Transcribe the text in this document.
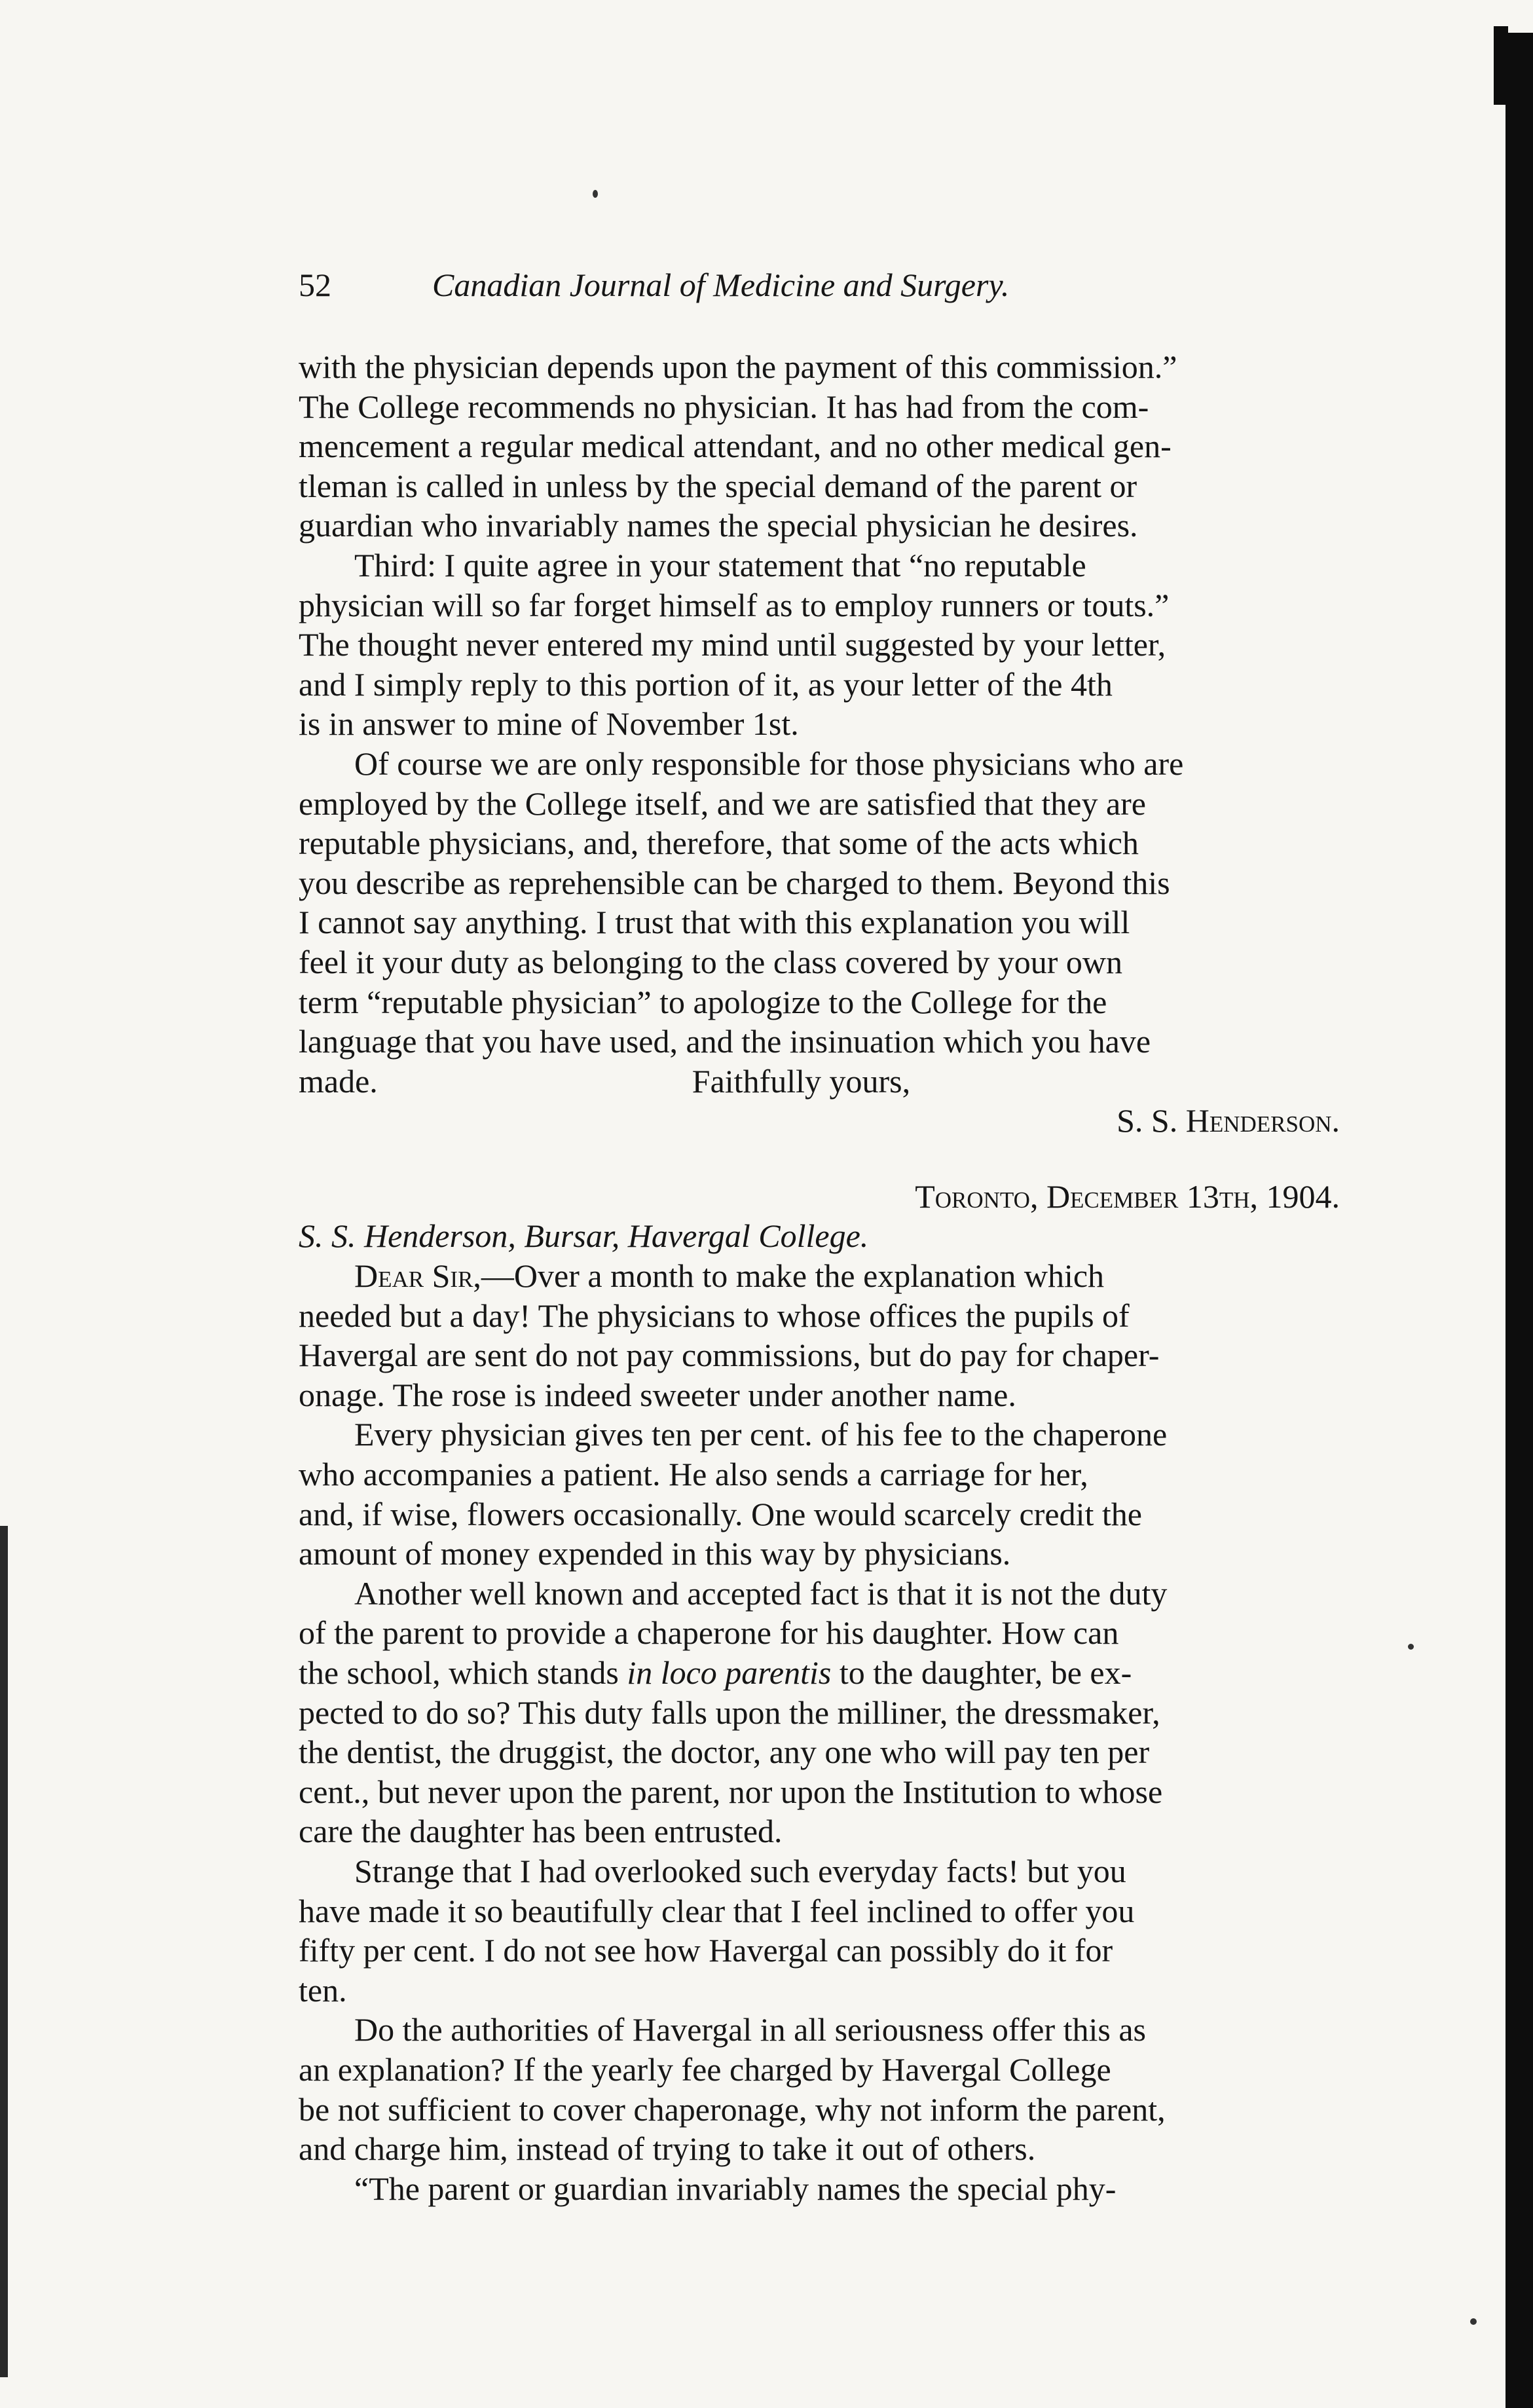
52	Canadian Journal of Medicine and Surgery.
with the physician depends upon the payment of this commission.”
The College recommends no physician. It has had from the com-
mencement a regular medical attendant, and no other medical gen-
tleman is called in unless by the special demand of the parent or
guardian who invariably names the special physician he desires.
Third: I quite agree in your statement that “no reputable
physician will so far forget himself as to employ runners or touts.”
The thought never entered my mind until suggested by your letter,
and I simply reply to this portion of it, as your letter of the 4th
is in answer to mine of November 1st.
Of course we are only responsible for those physicians who are
employed by the College itself, and we are satisfied that they are
reputable physicians, and, therefore, that some of the acts which
you describe as reprehensible can be charged to them. Beyond this
I cannot say anything. I trust that with this explanation you will
feel it your duty as belonging to the class covered by your own
term “reputable physician” to apologize to the College for the
language that you have used, and the insinuation which you have
made.	Faithfully yours,
S. S. Henderson.
Toronto, December 13th, 1904.
S. S. Henderson, Bursar, Havergal College.
Dear Sir,—Over a month to make the explanation which
needed but a day! The physicians to whose offices the pupils of
Havergal are sent do not pay commissions, but do pay for chaper-
onage. The rose is indeed sweeter under another name.
Every physician gives ten per cent. of his fee to the chaperone
who accompanies a patient. He also sends a carriage for her,
and, if wise, flowers occasionally. One would scarcely credit the
amount of money expended in this way by physicians.
Another well known and accepted fact is that it is not the duty
of the parent to provide a chaperone for his daughter. How can
the school, which stands in loco parentis to the daughter, be ex-
pected to do so? This duty falls upon the milliner, the dressmaker,
the dentist, the druggist, the doctor, any one who will pay ten per
cent., but never upon the parent, nor upon the Institution to whose
care the daughter has been entrusted.
Strange that I had overlooked such everyday facts! but you
have made it so beautifully clear that I feel inclined to offer you
fifty per cent. I do not see how Havergal can possibly do it for
ten.
Do the authorities of Havergal in all seriousness offer this as
an explanation? If the yearly fee charged by Havergal College
be not sufficient to cover chaperonage, why not inform the parent,
and charge him, instead of trying to take it out of others.
“The parent or guardian invariably names the special phy-
